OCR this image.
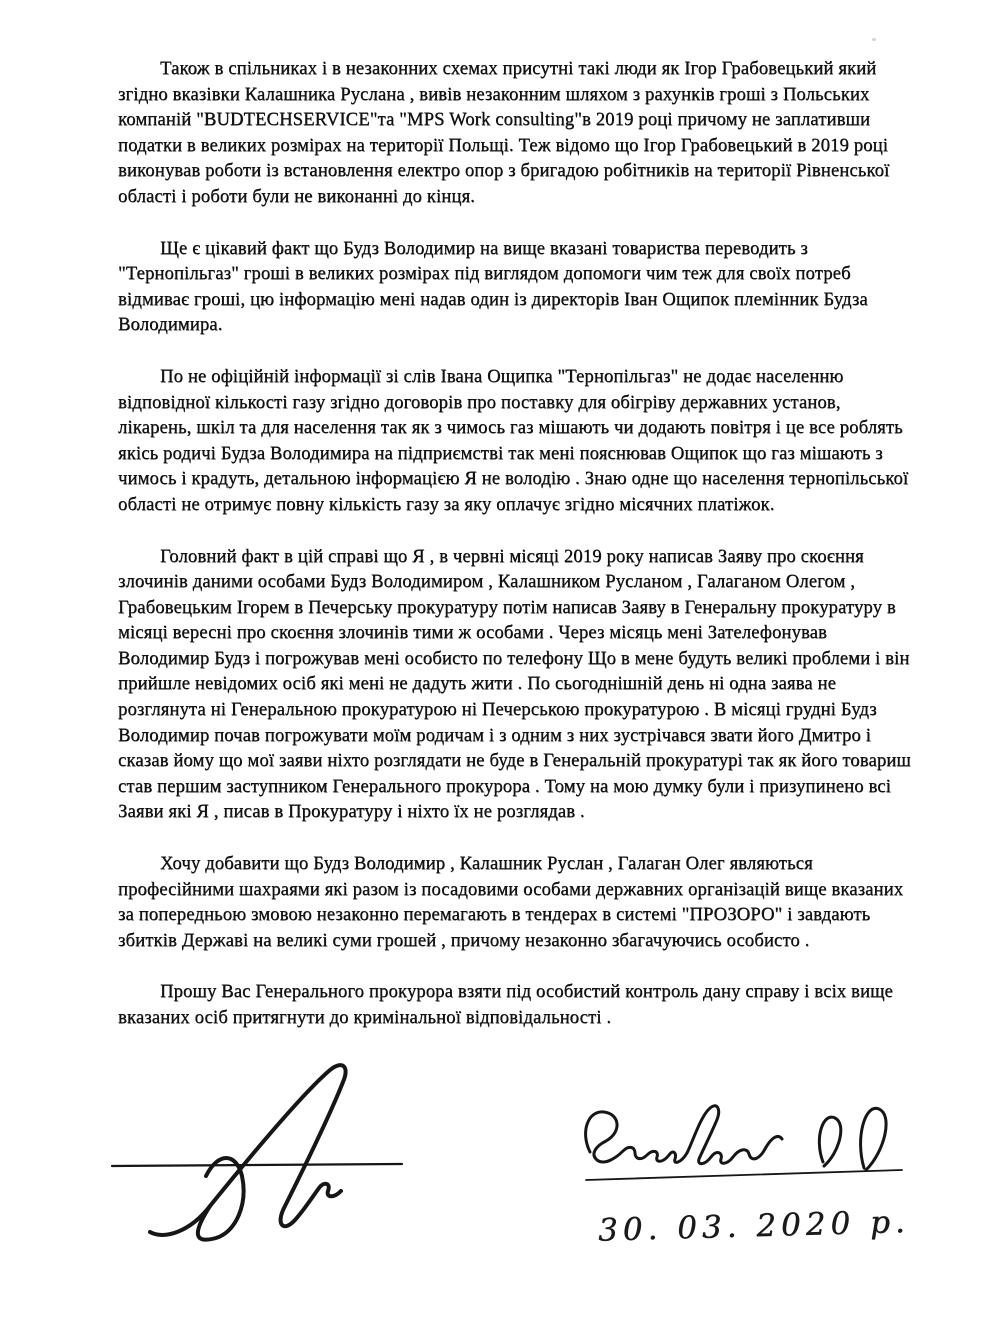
Також в спільниках і в незаконних схемах присутні такі люди як Ігор Грабовецький який згідно вказівки Калашника Руслана , вивів незаконним шляхом з рахунків гроші з Польських компаній "BUDTECHSERVICE"та "MPS Work consulting"в 2019 році причому не заплативши податки в великих розмірах на території Польщі. Теж відомо що Ігор Грабовецький в 2019 році виконував роботи із встановлення електро опор з бригадою робітників на території Рівненської області і роботи були не виконанні до кінця.

Ще є цікавий факт що Будз Володимир на вище вказані товариства переводить з "Тернопільгаз" гроші в великих розмірах під виглядом допомоги чим теж для своїх потреб відмиває гроші, цю інформацію мені надав один із директорів Іван Ощипок племінник Будза Володимира.

По не офіційній інформації зі слів Івана Ощипка "Тернопільгаз" не додає населенню відповідної кількості газу згідно договорів про поставку для обігріву державних установ, лікарень, шкіл та для населення так як з чимось газ мішають чи додають повітря і це все роблять якісь родичі Будза Володимира на підприємстві так мені пояснював Ощипок що газ мішають з чимось і крадуть, детальною інформацією Я не володію . Знаю одне що населення тернопільської області не отримує повну кількість газу за яку оплачує згідно місячних платіжок.

Головний факт в цій справі що Я , в червні місяці 2019 року написав Заяву про скоєння злочинів даними особами Будз Володимиром , Калашником Русланом , Галаганом Олегом , Грабовецьким Ігорем в Печерську прокуратуру потім написав Заяву в Генеральну прокуратуру в місяці вересні про скоєння злочинів тими ж особами . Через місяць мені Зателефонував Володимир Будз і погрожував мені особисто по телефону Що в мене будуть великі проблеми і він прийшле невідомих осіб які мені не дадуть жити . По сьогоднішній день ні одна заява не розглянута ні Генеральною прокуратурою ні Печерською прокуратурою . В місяці грудні Будз Володимир почав погрожувати моїм родичам і з одним з них зустрічався звати його Дмитро і сказав йому що мої заяви ніхто розглядати не буде в Генеральній прокуратурі так як його товариш став першим заступником Генерального прокурора . Тому на мою думку були і призупинено всі Заяви які Я , писав в Прокуратуру і ніхто їх не розглядав .

Хочу добавити що Будз Володимир , Калашник Руслан , Галаган Олег являються професійними шахраями які разом із посадовими особами державних організацій вище вказаних за попередньою змовою незаконно перемагають в тендерах в системі "ПРОЗОРО" і завдають збитків Державі на великі суми грошей , причому незаконно збагачуючись особисто .

Прошу Вас Генерального прокурора взяти під особистий контроль дану справу і всіх вище вказаних осіб притягнути до кримінальної відповідальності .

30. 03. 2020 р.
